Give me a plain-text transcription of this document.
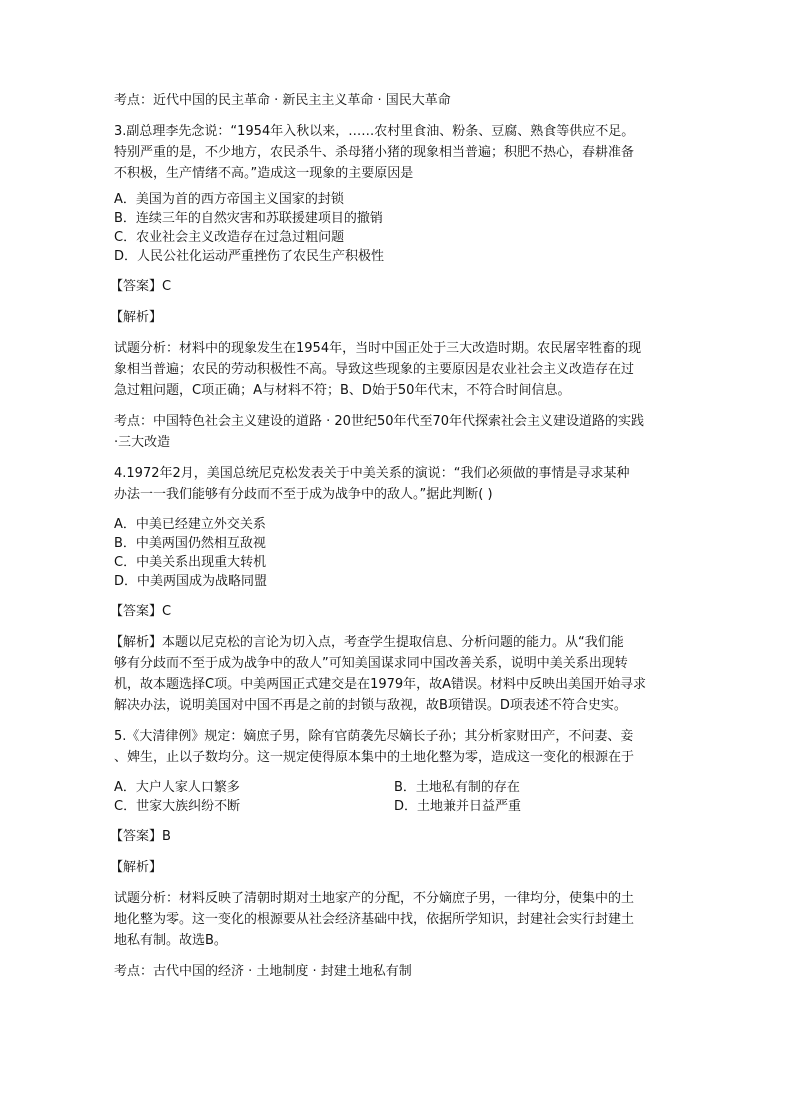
考点：近代中国的民主革命 · 新民主主义革命 · 国民大革命
3.副总理李先念说：“1954年入秋以来，……农村里食油、粉条、豆腐、熟食等供应不足。
特别严重的是，不少地方，农民杀牛、杀母猪小猪的现象相当普遍；积肥不热心，春耕准备
不积极，生产情绪不高。”造成这一现象的主要原因是
A．美国为首的西方帝国主义国家的封锁
B．连续三年的自然灾害和苏联援建项目的撤销
C．农业社会主义改造存在过急过粗问题
D．人民公社化运动严重挫伤了农民生产积极性
【答案】C
【解析】
试题分析：材料中的现象发生在1954年，当时中国正处于三大改造时期。农民屠宰牲畜的现
象相当普遍；农民的劳动积极性不高。导致这些现象的主要原因是农业社会主义改造存在过
急过粗问题，C项正确；A与材料不符；B、D始于50年代末，不符合时间信息。
考点：中国特色社会主义建设的道路 · 20世纪50年代至70年代探索社会主义建设道路的实践
·三大改造
4.1972年2月，美国总统尼克松发表关于中美关系的演说：“我们必须做的事情是寻求某种
办法一一我们能够有分歧而不至于成为战争中的敌人。”据此判断( )
A．中美已经建立外交关系
B．中美两国仍然相互敌视
C．中美关系出现重大转机
D．中美两国成为战略同盟
【答案】C
【解析】本题以尼克松的言论为切入点，考查学生提取信息、分析问题的能力。从“我们能
够有分歧而不至于成为战争中的敌人”可知美国谋求同中国改善关系，说明中美关系出现转
机，故本题选择C项。中美两国正式建交是在1979年，故A错误。材料中反映出美国开始寻求
解决办法，说明美国对中国不再是之前的封锁与敌视，故B项错误。D项表述不符合史实。
5.《大清律例》规定：嫡庶子男，除有官荫袭先尽嫡长子孙；其分析家财田产，不问妻、妾
、婢生，止以子数均分。这一规定使得原本集中的土地化整为零，造成这一变化的根源在于
A．大户人家人口繁多	B．土地私有制的存在
C．世家大族纠纷不断	D．土地兼并日益严重
【答案】B
【解析】
试题分析：材料反映了清朝时期对土地家产的分配，不分嫡庶子男，一律均分，使集中的土
地化整为零。这一变化的根源要从社会经济基础中找，依据所学知识，封建社会实行封建土
地私有制。故选B。
考点：古代中国的经济 · 土地制度 · 封建土地私有制
